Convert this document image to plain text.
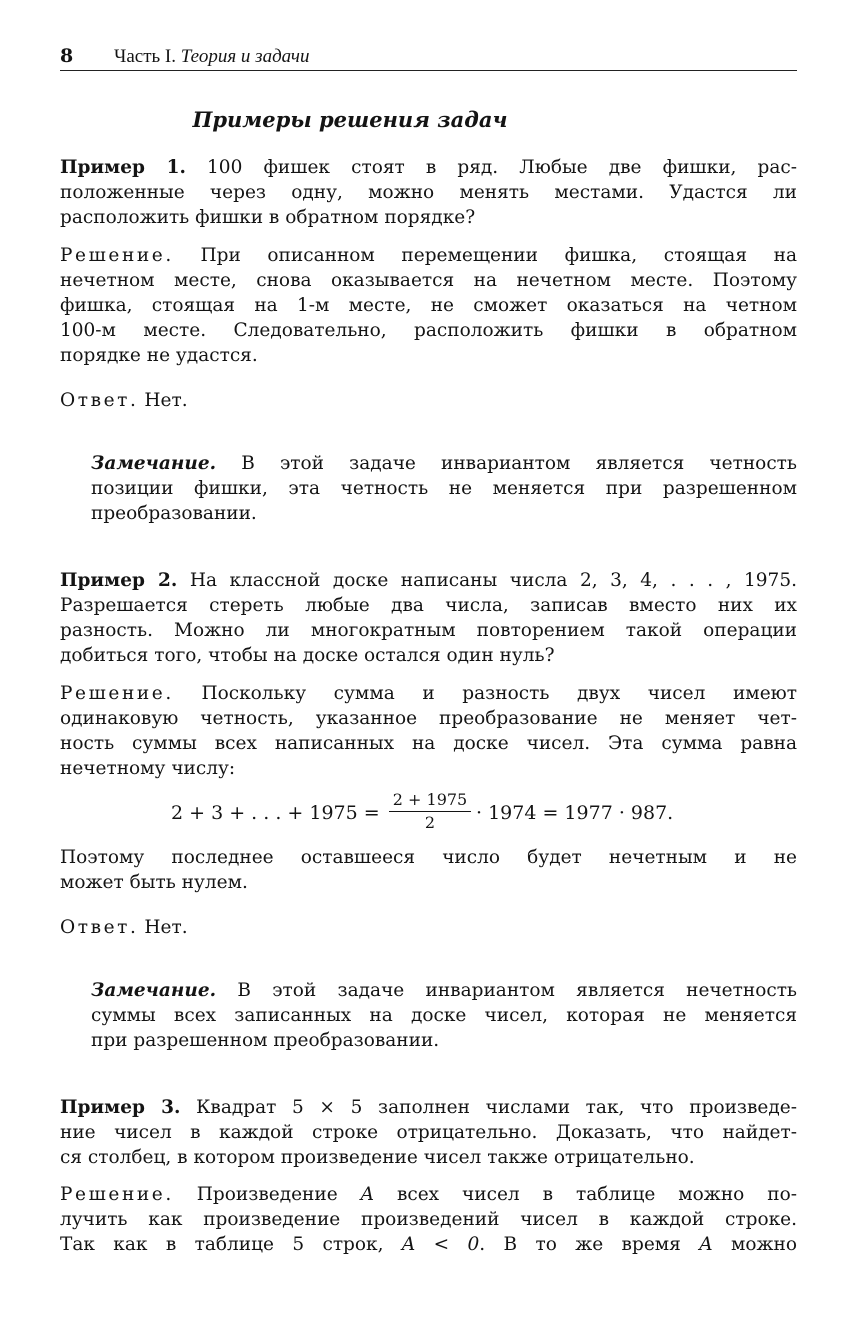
8 Часть I. Теория и задачи
Примеры решения задач
Пример 1. 100 фишек стоят в ряд. Любые две фишки, рас-
положенные через одну, можно менять местами. Удастся ли
расположить фишки в обратном порядке?
Решение. При описанном перемещении фишка, стоящая на
нечетном месте, снова оказывается на нечетном месте. Поэтому
фишка, стоящая на 1-м месте, не сможет оказаться на четном
100-м месте. Следовательно, расположить фишки в обратном
порядке не удастся.
Ответ. Нет.
Замечание. В этой задаче инвариантом является четность
позиции фишки, эта четность не меняется при разрешенном
преобразовании.
Пример 2. На классной доске написаны числа 2, 3, 4, . . . , 1975.
Разрешается стереть любые два числа, записав вместо них их
разность. Можно ли многократным повторением такой операции
добиться того, чтобы на доске остался один нуль?
Решение. Поскольку сумма и разность двух чисел имеют
одинаковую четность, указанное преобразование не меняет чет-
ность суммы всех написанных на доске чисел. Эта сумма равна
нечетному числу:
2 + 3 + . . . + 1975 =
2 + 1975
2	· 1974 = 1977 · 987.
Поэтому последнее оставшееся число будет нечетным и не
может быть нулем.
Ответ. Нет.
Замечание. В этой задаче инвариантом является нечетность
суммы всех записанных на доске чисел, которая не меняется
при разрешенном преобразовании.
Пример 3. Квадрат 5 × 5 заполнен числами так, что произведе-
ние чисел в каждой строке отрицательно. Доказать, что найдет-
ся столбец, в котором произведение чисел также отрицательно.
Решение. Произведение A всех чисел в таблице можно по-
лучить как произведение произведений чисел в каждой строке.
Так как в таблице 5 строк, A < 0. В то же время A можно
